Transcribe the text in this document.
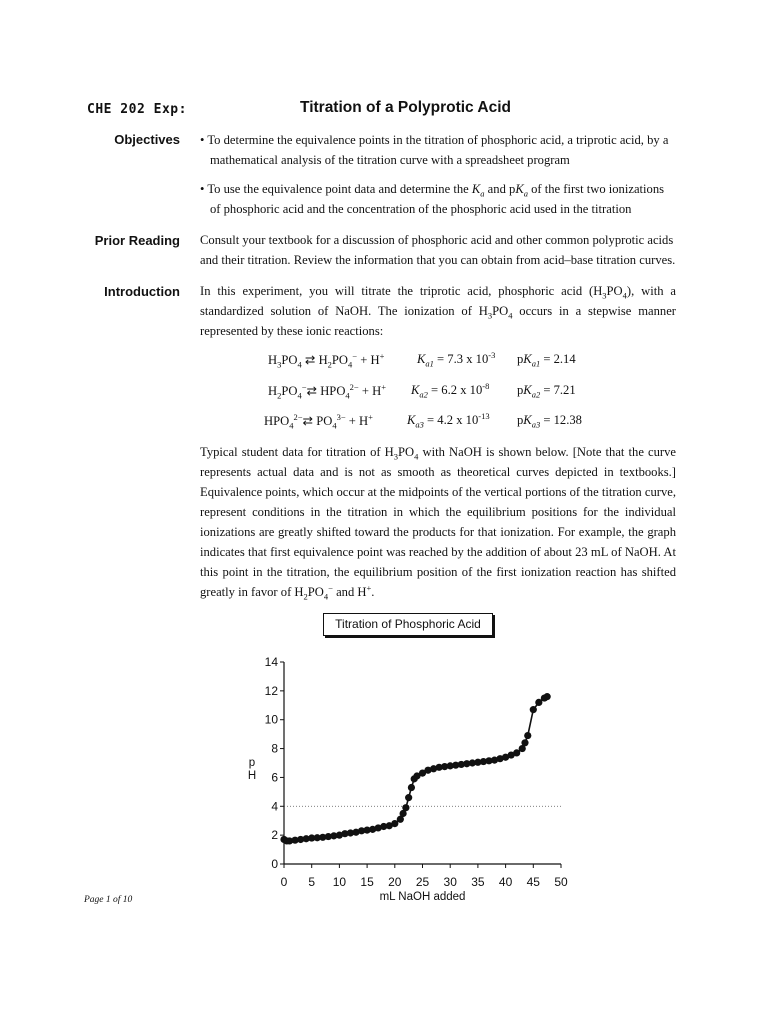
CHE 202 Exp:	Titration of a Polyprotic Acid
Objectives • To determine the equivalence points in the titration of phosphoric acid, a triprotic acid, by a
mathematical analysis of the titration curve with a spreadsheet program
• To use the equivalence point data and determine the $K_a$ and $pK_a$ of the first two ionizations
of phosphoric acid and the concentration of the phosphoric acid used in the titration
Prior Reading Consult your textbook for a discussion of phosphoric acid and other common polyprotic acids and their titration. Review the information that you can obtain from acid–base titration curves.
Introduction In this experiment, you will titrate the triprotic acid, phosphoric acid $(H_3PO_4)$, with a standardized solution of NaOH. The ionization of $H_3PO_4$ occurs in a stepwise manner represented by these ionic reactions:
$H_3PO_4$ ⇄ $H_2PO_4^- + H^+$	$K_{a1} = 7.3$ x $10^{-3}$ $pK_{a1} = 2.14$
$H_2PO_4^-⇄$ $HPO_4^{2-} + H^+$ $K_{a2} = 6.2$ x $10^{-8}$ $pK_{a2} = 7.21$
$HPO_4^{2-}⇄$ $PO_4^{3-} + H^+$	$K_{a3} = 4.2$ x $10^{-13}$ $pK_{a3} = 12.38$
Typical student data for titration of $H_3PO_4$ with NaOH is shown below. [Note that the curve represents actual data and is not as smooth as theoretical curves depicted in textbooks.] Equivalence points, which occur at the midpoints of the vertical portions of the titration curve, represent conditions in the titration in which the equilibrium positions for the individual ionizations are greatly shifted toward the products for that ionization. For example, the graph indicates that first equivalence point was reached by the addition of about 23 mL of NaOH. At this point in the titration, the equilibrium position of the first ionization reaction has shifted greatly in favor of $H_2PO_4^-$ and H+.
Titration of Phosphoric Acid
0
2
4
6
8
10
12
14
0 5 10 15 20 25 30 35 40 45 50
mL NaOH added
p
H
Page 1 of 10
